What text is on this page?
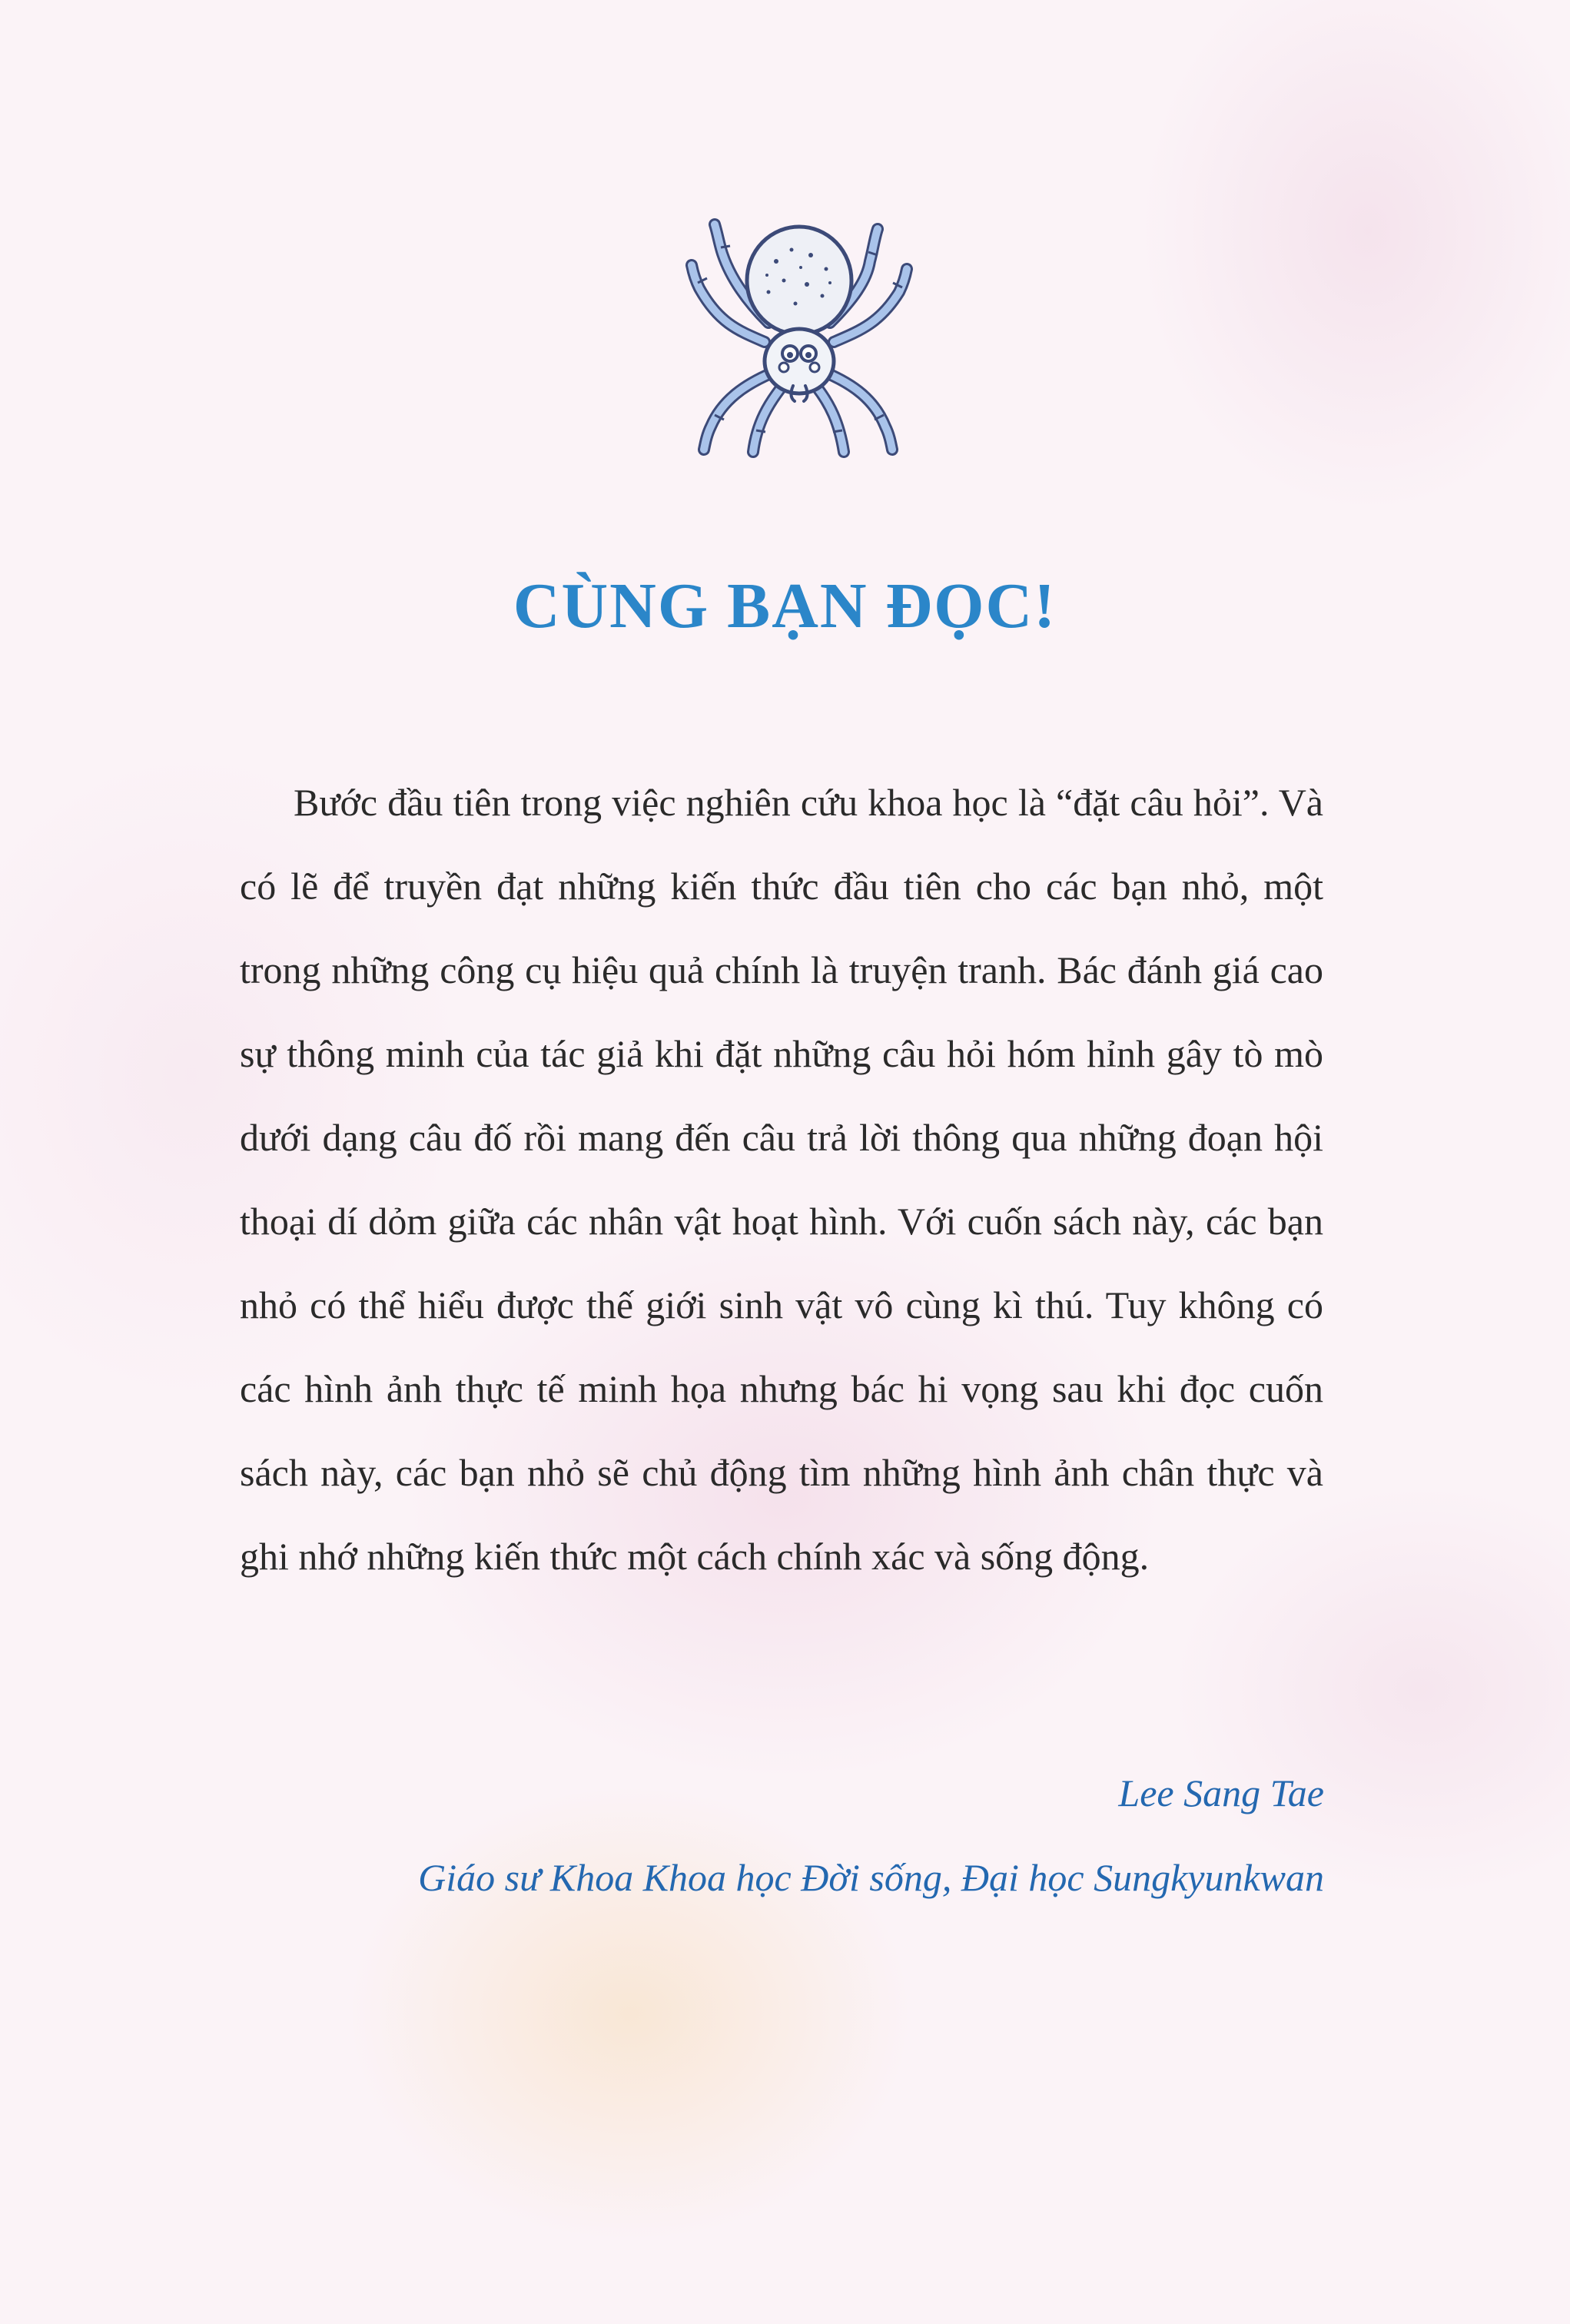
CÙNG BẠN ĐỌC!

Bước đầu tiên trong việc nghiên cứu khoa học là “đặt câu hỏi”. Và có lẽ để truyền đạt những kiến thức đầu tiên cho các bạn nhỏ, một trong những công cụ hiệu quả chính là truyện tranh. Bác đánh giá cao sự thông minh của tác giả khi đặt những câu hỏi hóm hỉnh gây tò mò dưới dạng câu đố rồi mang đến câu trả lời thông qua những đoạn hội thoại dí dỏm giữa các nhân vật hoạt hình. Với cuốn sách này, các bạn nhỏ có thể hiểu được thế giới sinh vật vô cùng kì thú. Tuy không có các hình ảnh thực tế minh họa nhưng bác hi vọng sau khi đọc cuốn sách này, các bạn nhỏ sẽ chủ động tìm những hình ảnh chân thực và ghi nhớ những kiến thức một cách chính xác và sống động.

Lee Sang Tae
Giáo sư Khoa Khoa học Đời sống, Đại học Sungkyunkwan
